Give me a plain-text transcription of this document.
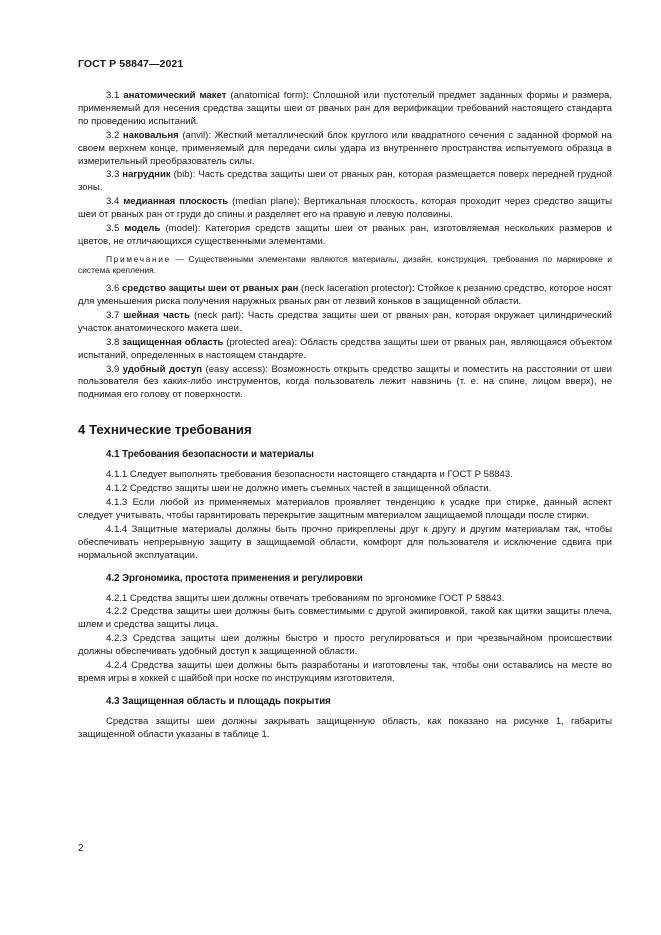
ГОСТ Р 58847—2021

3.1 анатомический макет (anatomical form): Сплошной или пустотелый предмет заданных формы и размера, применяемый для несения средства защиты шеи от рваных ран для верификации требований настоящего стандарта по проведению испытаний.

3.2 наковальня (anvil): Жесткий металлический блок круглого или квадратного сечения с заданной формой на своем верхнем конце, применяемый для передачи силы удара из внутреннего пространства испытуемого образца в измерительный преобразователь силы.

3.3 нагрудник (bib): Часть средства защиты шеи от рваных ран, которая размещается поверх передней грудной зоны.

3.4 медианная плоскость (median plane): Вертикальная плоскость, которая проходит через средство защиты шеи от рваных ран от груди до спины и разделяет его на правую и левую половины.

3.5 модель (model): Категория средств защиты шеи от рваных ран, изготовляемая нескольких размеров и цветов, не отличающихся существенными элементами.

Примечание — Существенными элементами являются материалы, дизайн, конструкция, требования по маркировке и система крепления.

3.6 средство защиты шеи от рваных ран (neck laceration protector): Стойкое к резанию средство, которое носят для уменьшения риска получения наружных рваных ран от лезвий коньков в защищенной области.

3.7 шейная часть (neck part): Часть средства защиты шеи от рваных ран, которая окружает цилиндрический участок анатомического макета шеи.

3.8 защищенная область (protected area): Область средства защиты шеи от рваных ран, являющаяся объектом испытаний, определенных в настоящем стандарте.

3.9 удобный доступ (easy access): Возможность открыть средство защиты и поместить на расстоянии от шеи пользователя без каких-либо инструментов, когда пользователь лежит навзничь (т. е. на спине, лицом вверх), не поднимая его голову от поверхности.

4 Технические требования
4.1 Требования безопасности и материалы

4.1.1 Следует выполнять требования безопасности настоящего стандарта и ГОСТ Р 58843.

4.1.2 Средство защиты шеи не должно иметь съемных частей в защищенной области.

4.1.3 Если любой из применяемых материалов проявляет тенденцию к усадке при стирке, данный аспект следует учитывать, чтобы гарантировать перекрытие защитным материалом защищаемой площади после стирки.

4.1.4 Защитные материалы должны быть прочно прикреплены друг к другу и другим материалам так, чтобы обеспечивать непрерывную защиту в защищаемой области, комфорт для пользователя и исключение сдвига при нормальной эксплуатации.

4.2 Эргономика, простота применения и регулировки

4.2.1 Средства защиты шеи должны отвечать требованиям по эргономике ГОСТ Р 58843.

4.2.2 Средства защиты шеи должны быть совместимыми с другой экипировкой, такой как щитки защиты плеча, шлем и средства защиты лица.

4.2.3 Средства защиты шеи должны быстро и просто регулироваться и при чрезвычайном происшествии должны обеспечивать удобный доступ к защищенной области.

4.2.4 Средства защиты шеи должны быть разработаны и изготовлены так, чтобы они оставались на месте во время игры в хоккей с шайбой при носке по инструкциям изготовителя.

4.3 Защищенная область и площадь покрытия

Средства защиты шеи должны закрывать защищенную область, как показано на рисунке 1, габариты защищенной области указаны в таблице 1.

2
